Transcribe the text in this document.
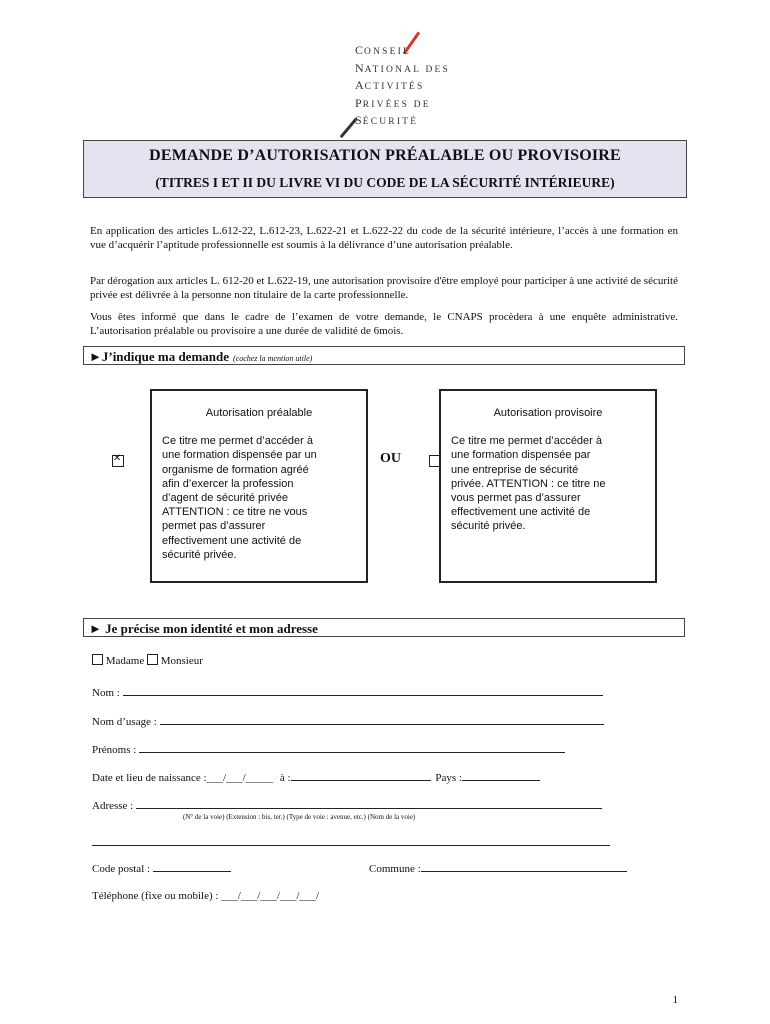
CONSEIL
NATIONAL DES
ACTIVITÉS
PRIVÉES DE
SÉCURITÉ
DEMANDE D’AUTORISATION PRÉALABLE OU PROVISOIRE
(TITRES I ET II DU LIVRE VI DU CODE DE LA SÉCURITÉ INTÉRIEURE)
En application des articles L.612-22, L.612-23, L.622-21 et L.622-22 du code de la sécurité intérieure, l’accès à une formation en vue d’acquérir l’aptitude professionnelle est soumis à la délivrance d’une autorisation préalable.
Par dérogation aux articles L. 612-20 et L.622-19, une autorisation provisoire d'être employé pour participer à une activité de sécurité privée est délivrée à la personne non titulaire de la carte professionnelle.
Vous êtes informé que dans le cadre de l’examen de votre demande, le CNAPS procèdera à une enquête administrative. L’autorisation préalable ou provisoire a une durée de validité de 6mois.
►J’indique ma demande (cochez la mention utile)
✕
Autorisation préalable
Ce titre me permet d’accéder à
une formation dispensée par un
organisme de formation agréé
afin d’exercer la profession
d’agent de sécurité privée
ATTENTION : ce titre ne vous
permet pas d’assurer
effectivement une activité de
sécurité privée.
OU
Autorisation provisoire
Ce titre me permet d’accéder à
une formation dispensée par
une entreprise de sécurité
privée. ATTENTION : ce titre ne
vous permet pas d’assurer
effectivement une activité de
sécurité privée.
► Je précise mon identité et mon adresse
Madame Monsieur
Nom :
Nom d’usage :
Prénoms :
Date et lieu de naissance :___/___/_____ à :	Pays :
Adresse :
(N° de la voie) (Extension : bis, ter.) (Type de voie : avenue, etc.) (Nom de la voie)
Code postal :	Commune :
Téléphone (fixe ou mobile) : ___/___/___/___/___/
1
